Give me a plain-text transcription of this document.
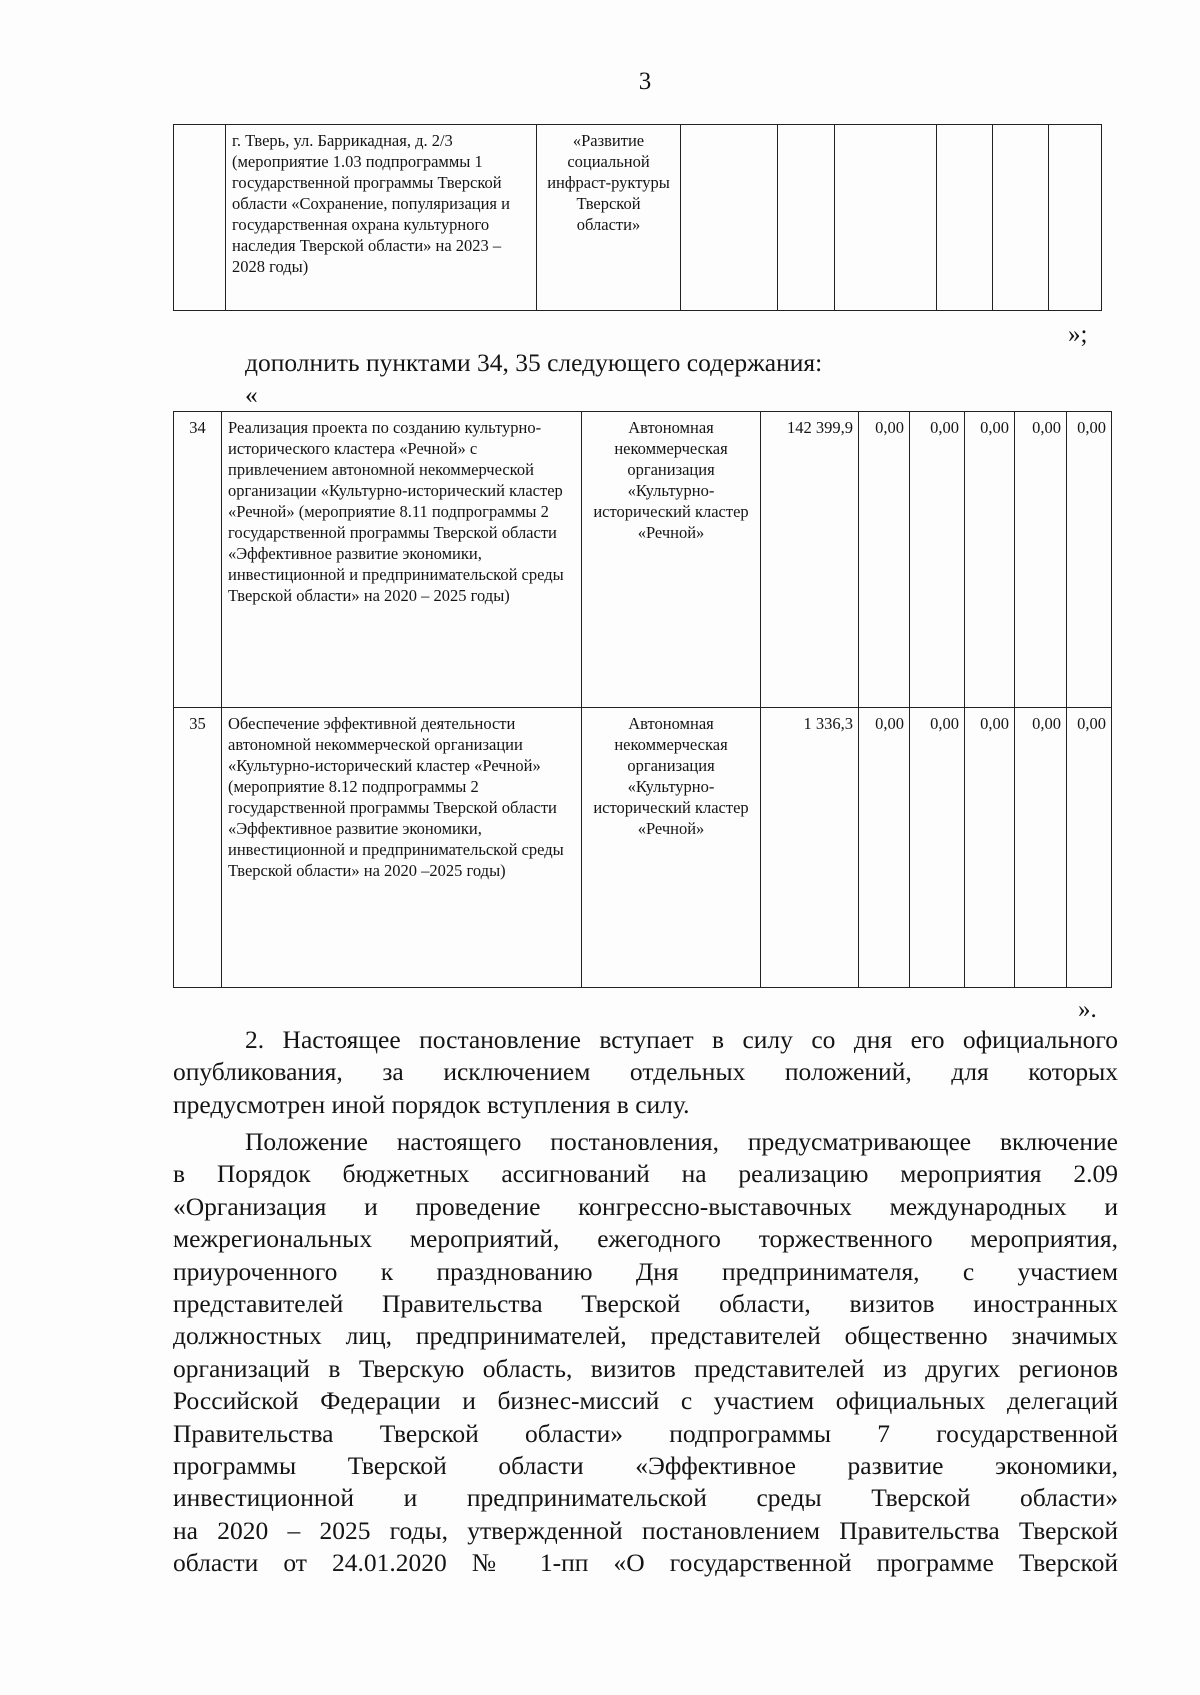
3
	г. Тверь, ул. Баррикадная, д. 2/3 (мероприятие 1.03 подпрограммы 1 государственной программы Тверской области «Сохранение, популяризация и государственная охрана культурного наследия Тверской области» на 2023 – 2028 годы)	«Развитие социальной инфраст-руктуры Тверской области»						
»;
дополнить пунктами 34, 35 следующего содержания:
«
34	Реализация проекта по созданию культурно-исторического кластера «Речной» с привлечением автономной некоммерческой организации «Культурно-исторический кластер «Речной» (мероприятие 8.11 подпрограммы 2 государственной программы Тверской области «Эффективное развитие экономики, инвестиционной и предпринимательской среды Тверской области» на 2020 – 2025 годы)	Автономная некоммерческая организация «Культурно-исторический кластер «Речной»	142 399,9	0,00	0,00	0,00	0,00	0,00
35	Обеспечение эффективной деятельности автономной некоммерческой организации «Культурно-исторический кластер «Речной» (мероприятие 8.12 подпрограммы 2 государственной программы Тверской области «Эффективное развитие экономики, инвестиционной и предпринимательской среды Тверской области» на 2020 –2025 годы)	Автономная некоммерческая организация «Культурно-исторический кластер «Речной»	1 336,3	0,00	0,00	0,00	0,00	0,00
».
2. Настоящее постановление вступает в силу со дня его официального
опубликования, за исключением отдельных положений, для которых
предусмотрен иной порядок вступления в силу.
Положение настоящего постановления, предусматривающее включение
в Порядок бюджетных ассигнований на реализацию мероприятия 2.09
«Организация и проведение конгрессно-выставочных международных и
межрегиональных мероприятий, ежегодного торжественного мероприятия,
приуроченного к празднованию Дня предпринимателя, с участием
представителей Правительства Тверской области, визитов иностранных
должностных лиц, предпринимателей, представителей общественно значимых
организаций в Тверскую область, визитов представителей из других регионов
Российской Федерации и бизнес-миссий с участием официальных делегаций
Правительства Тверской области» подпрограммы 7 государственной
программы Тверской области «Эффективное развитие экономики,
инвестиционной и предпринимательской среды Тверской области»
на 2020 – 2025 годы, утвержденной постановлением Правительства Тверской
области от 24.01.2020 № 1-пп «О государственной программе Тверской
